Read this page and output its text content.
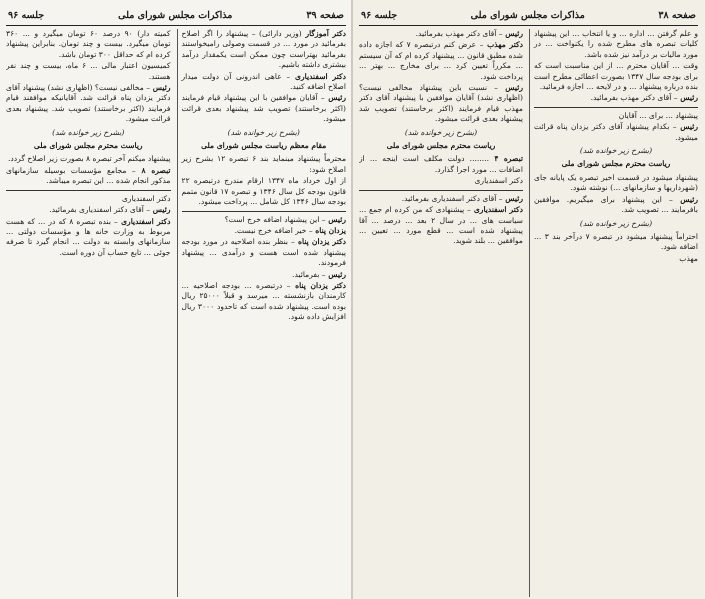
صفحه ۳۹
مذاکرات مجلس شورای ملی
جلسه ۹۶
دکتر آموزگار (وزیر دارائی) – پیشنهاد را اگر اصلاح بفرمائید در مورد ... در قسمت وصولی رامیخواستند بفرمائید بهتراست چون ممکن است یکمقدار درآمد بیشتری داشته باشیم.
دکتر اسفندیاری – عاهی اندرونی آن دولت میدار اصلاح اضافه کنید.
رئیس – آقایان موافقین با این پیشنهاد قیام فرمایند (اکثر برخاستند) تصویب شد پیشنهاد بعدی قرائت میشود.
(بشرح زیر خوانده شد)
مقام معظم ریاست مجلس شورای ملی
محترماً پیشنهاد مینماید بند ۶ تبصره ۱۲ بشرح زیر اصلاح شود:
از اول خرداد ماه ۱۳۴۷ ارقام مندرج درتبصره ۲۲ قانون بودجه کل سال ۱۳۴۶ و تبصره ۱۷ قانون متمم بودجه سال ۱۳۴۶ کل شامل ... پرداخت میشود.
رئیس – این پیشنهاد اضافه خرج است؟
یزدان پناه – خیر اضافه خرج نیست.
دکتر یزدان پناه – بنظر بنده اصلاحیه در مورد بودجه پیشنهاد شده است هست و درآمدی ... پیشنهاد فرمودند.
رئیس – بفرمائید.
دکتر یزدان پناه – درتبصره ... بودجه اصلاحیه ... کارمندان بازنشسته ... میرسد و قبلاً ۲۵۰۰۰ ریال بوده است. پیشنهاد شده است که تاحدود ۳۰۰۰ ریال افزایش داده شود.
کمیته دار) ۹۰ درصد ۶۰ تومان میگیرد و ... ۳۶۰ تومان میگیرد. بیست و چند تومان. بنابراین پیشنهاد کرده ام که حداقل ۳۰۰ تومان باشد.
کمیسیون اعتبار مالی ... ۶ ماه، بیست و چند نفر هستند.
رئیس – مخالفی نیست؟ (اظهاری نشد) پیشنهاد آقای دکتر یزدان پناه قرائت شد. آقایانیکه موافقند قیام فرمایند (اکثر برخاستند) تصویب شد. پیشنهاد بعدی قرائت میشود.
(بشرح زیر خوانده شد)
ریاست محترم مجلس شورای ملی
پیشنهاد میکنم آخر تبصره ۸ بصورت زیر اصلاح گردد.
تبصره ۸ – مجامع مؤسسات بوسیله سازمانهای مذکور انجام شده ... این تبصره میباشد.
دکتر اسفندیاری
رئیس – آقای دکتر اسفندیاری بفرمائید.
دکتر اسفندیاری – بنده تبصره ۸ که در ... که هست مربوط به وزارت خانه ها و مؤسسات دولتی ... سازمانهای وابسته به دولت ... انجام گیرد تا صرفه جوئی ... تابع حساب آن دوره است.
صفحه ۳۸
مذاکرات مجلس شورای ملی
جلسه ۹۶
و علم گرفتن ... اداره ... و یا انتخاب ... این پیشنهاد کلیات تبصره های مطرح شده را یکنواخت ... در مورد مالیات بر درآمد نیز شده باشد.
وقت ... آقایان محترم ... از این مناسبت است که برای بودجه سال ۱۳۴۷ بصورت اعطائی مطرح است بنده درباره پیشنهاد ... و در لایحه ... اجازه فرمائید.
رئیس – آقای دکتر مهذب بفرمائید.
پیشنهاد ... برای ... آقایان
رئیس – بکدام پیشنهاد آقای دکتر یزدان پناه قرائت میشود.
(بشرح زیر خوانده شد)
ریاست محترم مجلس شورای ملی
پیشنهاد میشود در قسمت اخیر تبصره یک پایانه جای (شهرداریها و سازمانهای ...) نوشته شود.
رئیس – این پیشنهاد برای میگیریم. موافقین بافرمایند ... تصویب شد.
(بشرح زیر خوانده شد)
احتراماً پیشنهاد میشود در تبصره ۷ درآخر بند ۳ ... اضافه شود.
مهذب
رئیس – آقای دکتر مهذب بفرمائید.
دکتر مهذب – عرض کنم درتبصره ۷ که اجازه داده شده مطبق قانون ... پیشنهاد کرده ام که آن سیستم ... مکرراً تعیین کرد ... برای مخارج ... بهتر ... پرداخت شود.
رئیس – نسبت باین پیشنهاد مخالفی نیست؟ (اظهاری نشد) آقایان موافقین با پیشنهاد آقای دکتر مهذب قیام فرمایند (اکثر برخاستند) تصویب شد پیشنهاد بعدی قرائت میشود.
(بشرح زیر خوانده شد)
ریاست محترم مجلس شورای ملی
تبصره ۴ ........ دولت مکلف است اینجه ... از اضافات ... مورد اجرا گذارد.
دکتر اسفندیاری
رئیس – آقای دکتر اسفندیاری بفرمائید.
دکتر اسفندیاری – پیشنهادی که من کرده ام جمع ... سیاست های ... در سال ۲ بعد ... درصد ... آقا پیشنهاد شده است ... قطع مورد ... تعیین ... موافقین ... بلند شوید.
